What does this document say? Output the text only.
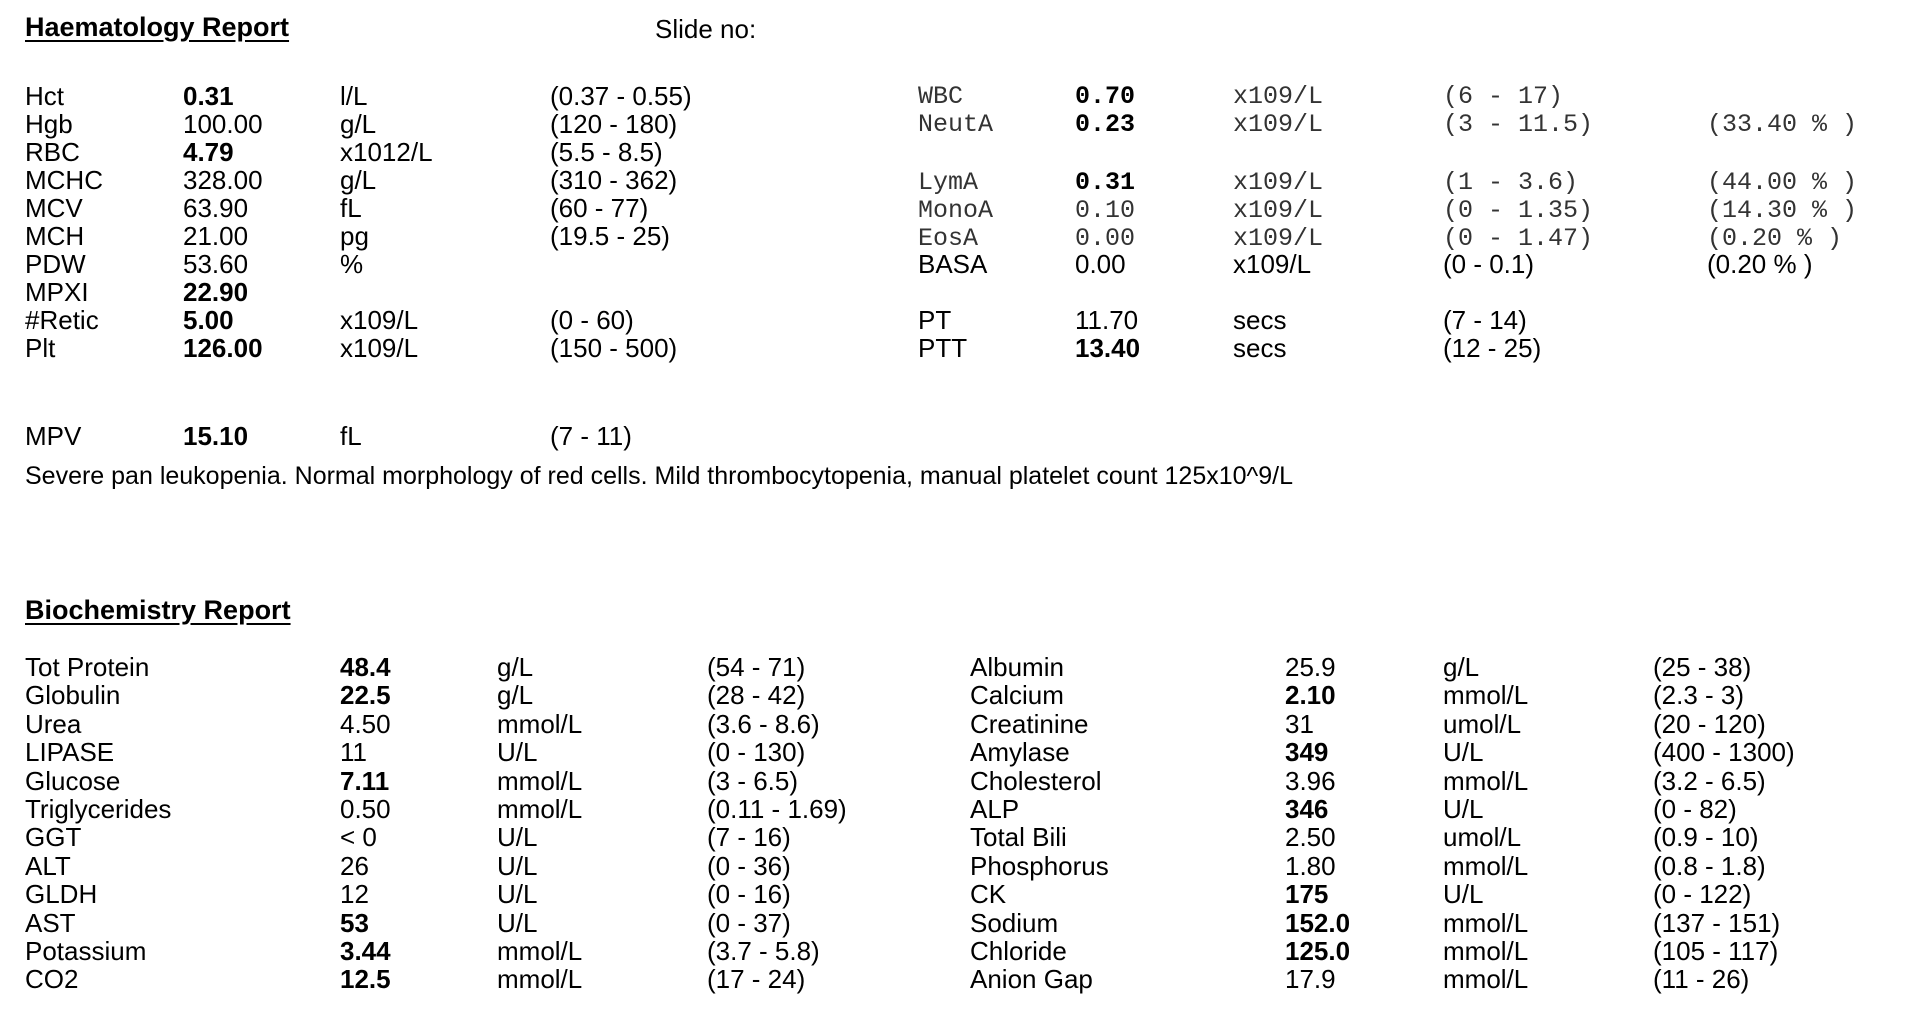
Haematology Report	Slide no:
Hct	0.31	l/L	(0.37 - 0.55)
Hgb	100.00	g/L	(120 - 180)
RBC	4.79	x1012/L	(5.5 - 8.5)
MCHC	328.00	g/L	(310 - 362)
MCV	63.90	fL	(60 - 77)
MCH	21.00	pg	(19.5 - 25)
PDW	53.60	%
MPXI	22.90
#Retic	5.00	x109/L	(0 - 60)
Plt	126.00	x109/L	(150 - 500)
WBC	0.70	x109/L	(6 - 17)
NeutA	0.23	x109/L	(3 - 11.5)	(33.40 % )
LymA	0.31	x109/L	(1 - 3.6)	(44.00 % )
MonoA	0.10	x109/L	(0 - 1.35)	(14.30 % )
EosA	0.00	x109/L	(0 - 1.47)	(0.20 % )
BASA	0.00	x109/L	(0 - 0.1)	(0.20 % )
PT	11.70	secs	(7 - 14)
PTT	13.40	secs	(12 - 25)
MPV	15.10	fL	(7 - 11)
Severe pan leukopenia. Normal morphology of red cells. Mild thrombocytopenia, manual platelet count 125x10^9/L
Biochemistry Report
Tot Protein	48.4	g/L	(54 - 71)	Albumin	25.9	g/L	(25 - 38)
Globulin	22.5	g/L	(28 - 42)	Calcium	2.10	mmol/L	(2.3 - 3)
Urea	4.50	mmol/L	(3.6 - 8.6)	Creatinine	31	umol/L	(20 - 120)
LIPASE	11	U/L	(0 - 130)	Amylase	349	U/L	(400 - 1300)
Glucose	7.11	mmol/L	(3 - 6.5)	Cholesterol	3.96	mmol/L	(3.2 - 6.5)
Triglycerides	0.50	mmol/L	(0.11 - 1.69)	ALP	346	U/L	(0 - 82)
GGT	< 0	U/L	(7 - 16)	Total Bili	2.50	umol/L	(0.9 - 10)
ALT	26	U/L	(0 - 36)	Phosphorus	1.80	mmol/L	(0.8 - 1.8)
GLDH	12	U/L	(0 - 16)	CK	175	U/L	(0 - 122)
AST	53	U/L	(0 - 37)	Sodium	152.0	mmol/L	(137 - 151)
Potassium	3.44	mmol/L	(3.7 - 5.8)	Chloride	125.0	mmol/L	(105 - 117)
CO2	12.5	mmol/L	(17 - 24)	Anion Gap	17.9	mmol/L	(11 - 26)
